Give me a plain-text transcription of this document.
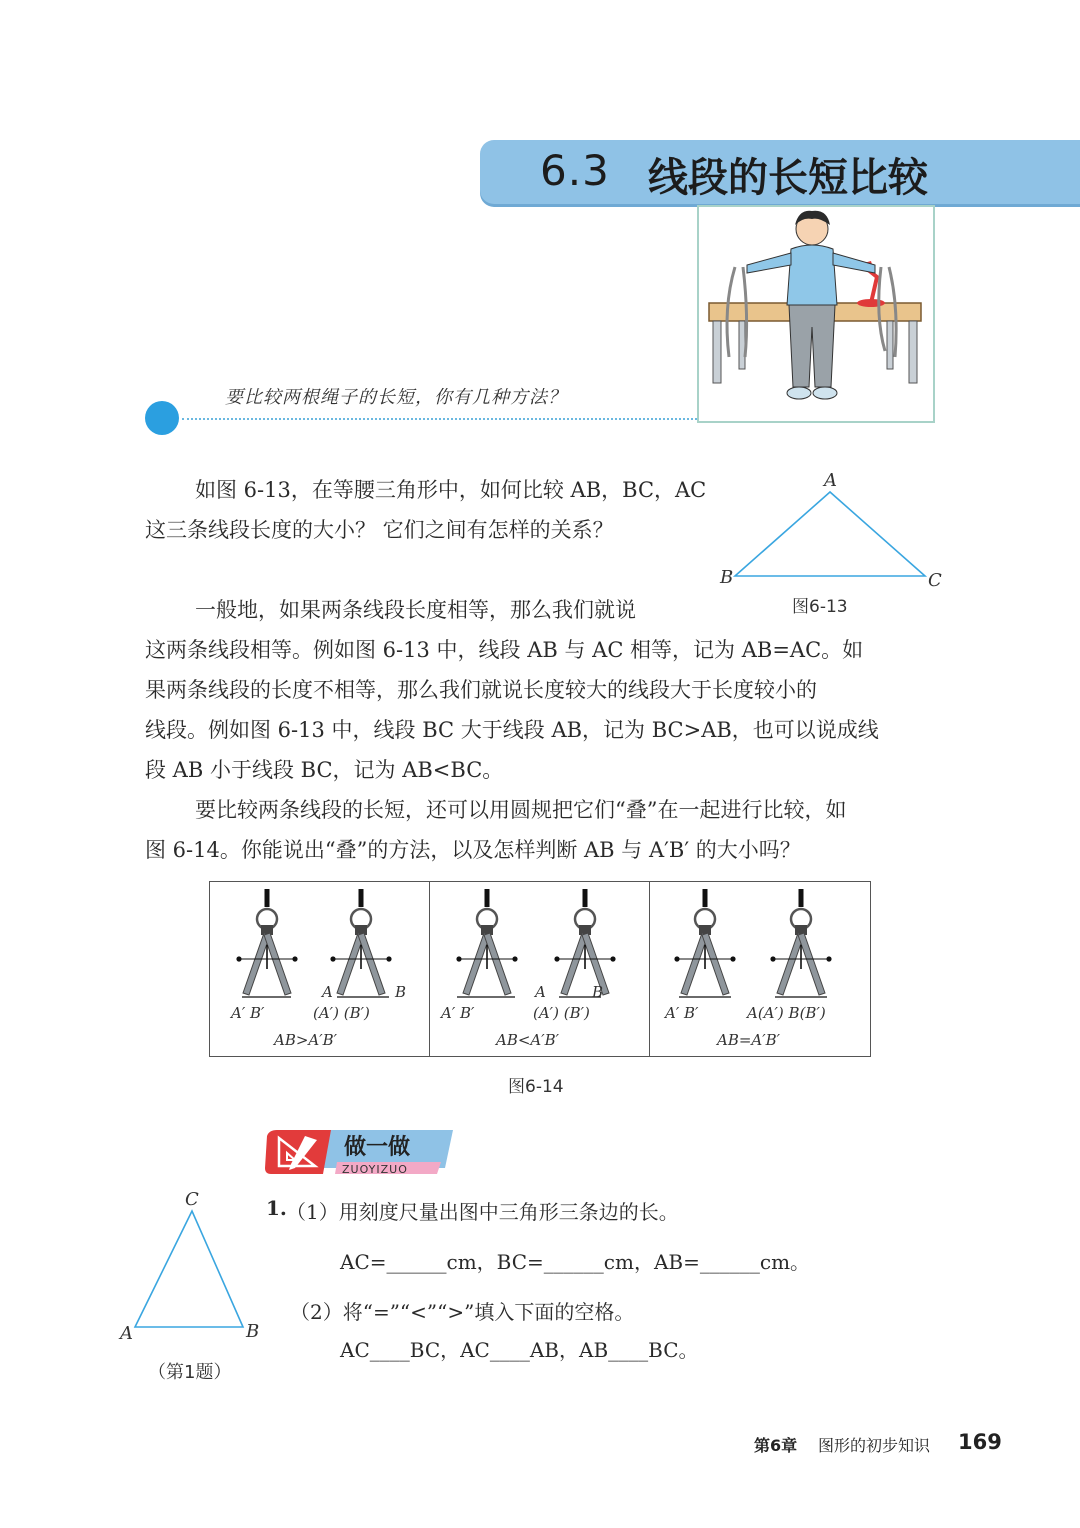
6.3 线段的长短比较
要比较两根绳子的长短，你有几种方法？
如图 6-13，在等腰三角形中，如何比较 AB，BC，AC
这三条线段长度的大小？ 它们之间有怎样的关系？
A
B	C
图6-13
一般地，如果两条线段长度相等，那么我们就说
这两条线段相等。例如图 6-13 中，线段 AB 与 AC 相等，记为 AB=AC。如
果两条线段的长度不相等，那么我们就说长度较大的线段大于长度较小的
线段。例如图 6-13 中，线段 BC 大于线段 AB，记为 BC>AB，也可以说成线
段 AB 小于线段 BC，记为 AB<BC。
要比较两条线段的长短，还可以用圆规把它们“叠”在一起进行比较，如
图 6-14。你能说出“叠”的方法，以及怎样判断 AB 与 A′B′ 的大小吗？
A′ B′
A	B
(A′) (B′)
AB>A′B′
A′ B′
A	B
(A′) (B′)
AB<A′B′
A′ B′	A(A′) B(B′)
AB=A′B′
图6-14
做一做
ZUOYIZUO
C
A	B
（第1题）
1. （1）用刻度尺量出图中三角形三条边的长。
AC=______cm，BC=______cm，AB=______cm。
（2）将“=”“<”“>”填入下面的空格。
AC____BC，AC____AB，AB____BC。
第6章 图形的初步知识 169
